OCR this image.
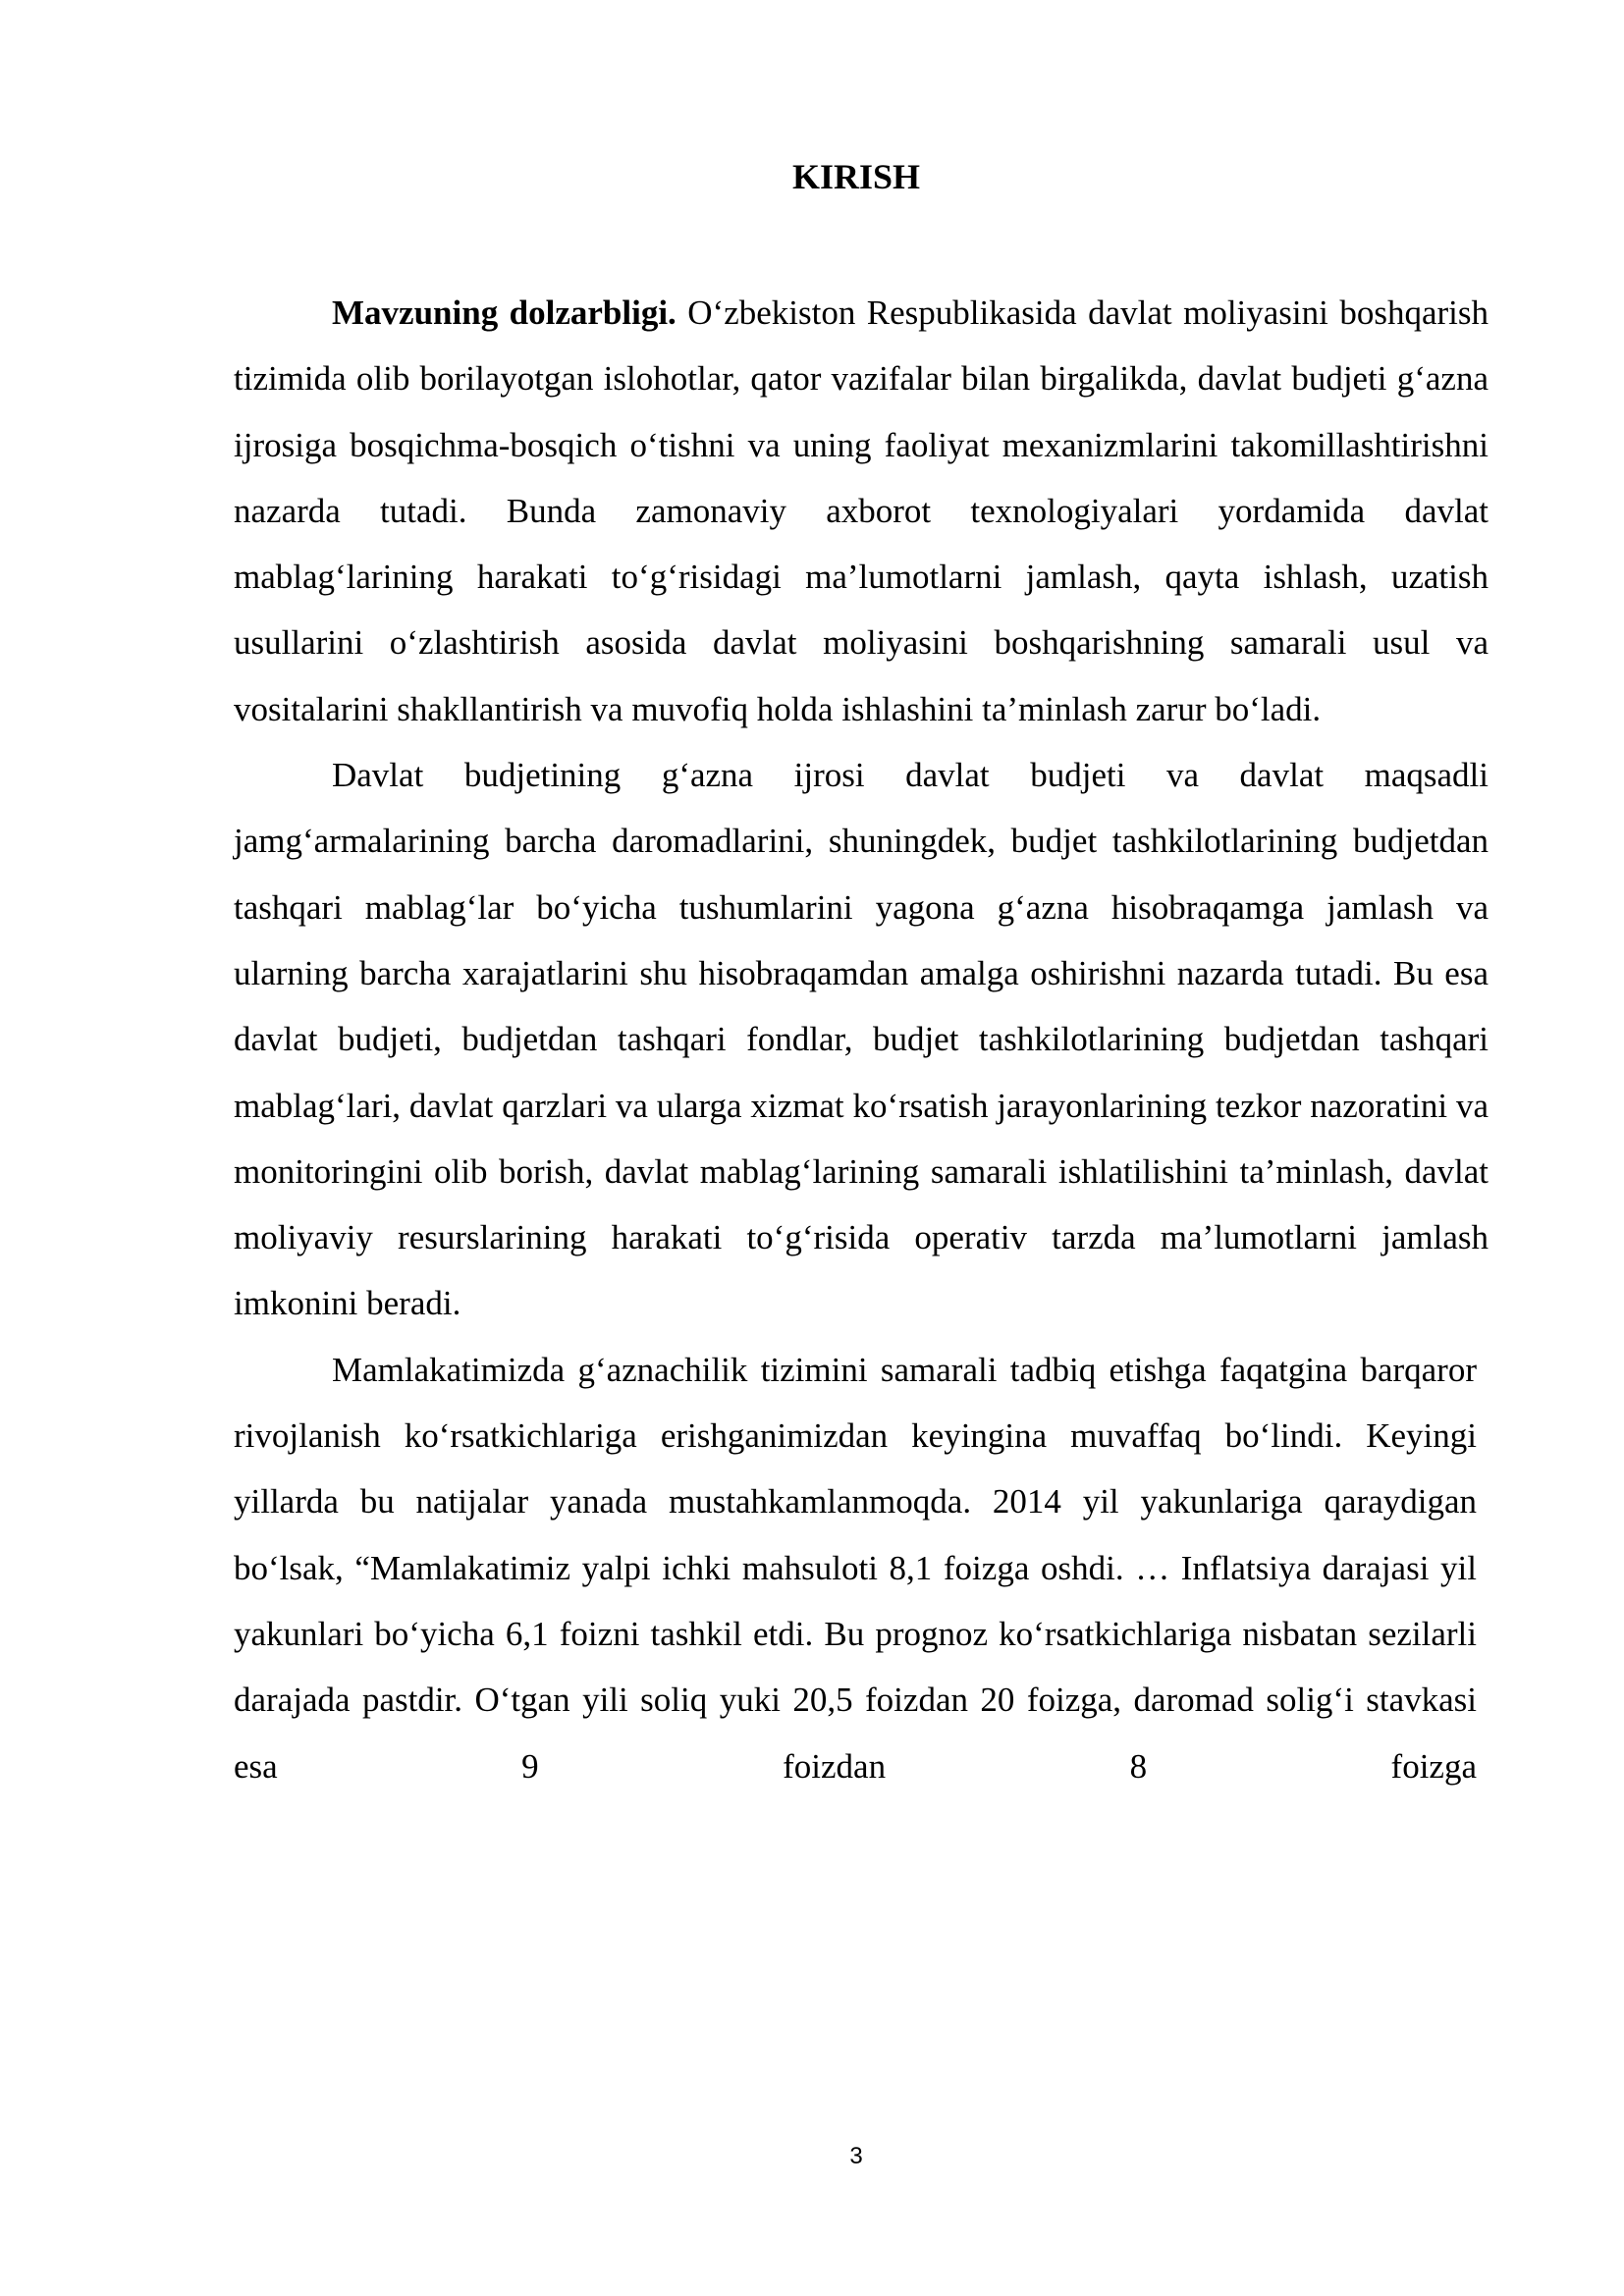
KIRISH

Mavzuning dolzarbligi. O‘zbekiston Respublikasida davlat moliyasini boshqarish tizimida olib borilayotgan islohotlar, qator vazifalar bilan birgalikda, davlat budjeti g‘azna ijrosiga bosqichma-bosqich o‘tishni va uning faoliyat mexanizmlarini takomillashtirishni nazarda tutadi. Bunda zamonaviy axborot texnologiyalari yordamida davlat mablag‘larining harakati to‘g‘risidagi ma’lumotlarni jamlash, qayta ishlash, uzatish usullarini o‘zlashtirish asosida davlat moliyasini boshqarishning samarali usul va vositalarini shakllantirish va muvofiq holda ishlashini ta’minlash zarur bo‘ladi.

Davlat budjetining g‘azna ijrosi davlat budjeti va davlat maqsadli jamg‘armalarining barcha daromadlarini, shuningdek, budjet tashkilotlarining budjetdan tashqari mablag‘lar bo‘yicha tushumlarini yagona g‘azna hisobraqamga jamlash va ularning barcha xarajatlarini shu hisobraqamdan amalga oshirishni nazarda tutadi. Bu esa davlat budjeti, budjetdan tashqari fondlar, budjet tashkilotlarining budjetdan tashqari mablag‘lari, davlat qarzlari va ularga xizmat ko‘rsatish jarayonlarining tezkor nazoratini va monitoringini olib borish, davlat mablag‘larining samarali ishlatilishini ta’minlash, davlat moliyaviy resurslarining harakati to‘g‘risida operativ tarzda ma’lumotlarni jamlash imkonini beradi.

Mamlakatimizda g‘aznachilik tizimini samarali tadbiq etishga faqatgina barqaror rivojlanish ko‘rsatkichlariga erishganimizdan keyingina muvaffaq bo‘lindi. Keyingi yillarda bu natijalar yanada mustahkamlanmoqda. 2014 yil yakunlariga qaraydigan bo‘lsak, “Mamlakatimiz yalpi ichki mahsuloti 8,1 foizga oshdi. … Inflatsiya darajasi yil yakunlari bo‘yicha 6,1 foizni tashkil etdi. Bu prognoz ko‘rsatkichlariga nisbatan sezilarli darajada pastdir. O‘tgan yili soliq yuki 20,5 foizdan 20 foizga, daromad solig‘i stavkasi esa 9 foizdan 8 foizga

3
